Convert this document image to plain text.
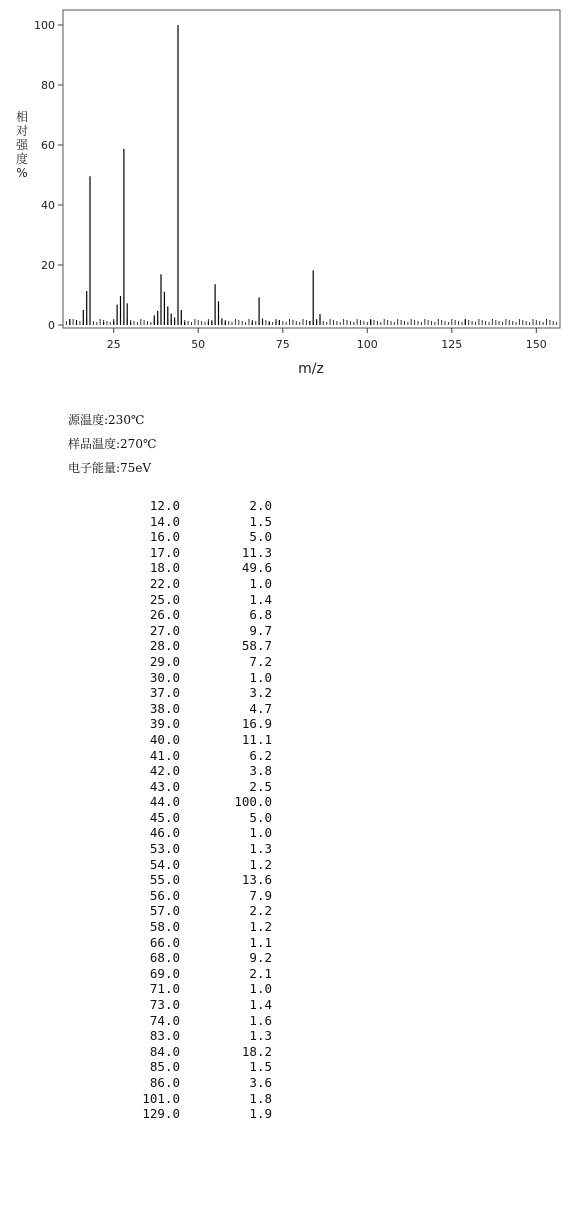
25	50	75	100	125	150
0
20
40
60
80
100
相
对
强
度
%
m/z
源温度:230℃
样品温度:270℃
电子能量:75eV
12.0	2.0
14.0	1.5
16.0	5.0
17.0	11.3
18.0	49.6
22.0	1.0
25.0	1.4
26.0	6.8
27.0	9.7
28.0	58.7
29.0	7.2
30.0	1.0
37.0	3.2
38.0	4.7
39.0	16.9
40.0	11.1
41.0	6.2
42.0	3.8
43.0	2.5
44.0	100.0
45.0	5.0
46.0	1.0
53.0	1.3
54.0	1.2
55.0	13.6
56.0	7.9
57.0	2.2
58.0	1.2
66.0	1.1
68.0	9.2
69.0	2.1
71.0	1.0
73.0	1.4
74.0	1.6
83.0	1.3
84.0	18.2
85.0	1.5
86.0	3.6
101.0	1.8
129.0	1.9
